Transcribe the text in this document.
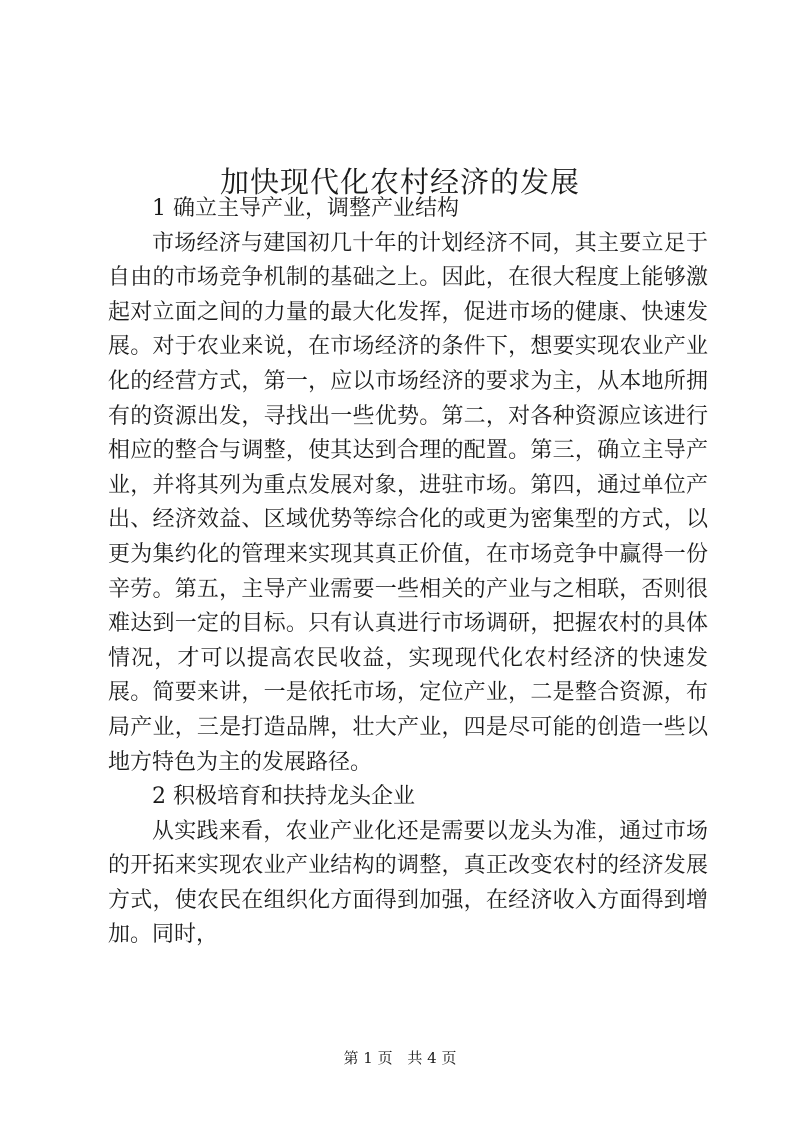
加快现代化农村经济的发展

1 确立主导产业，调整产业结构

市场经济与建国初几十年的计划经济不同，其主要立足于自由的市场竞争机制的基础之上。因此，在很大程度上能够激起对立面之间的力量的最大化发挥，促进市场的健康、快速发展。对于农业来说，在市场经济的条件下，想要实现农业产业化的经营方式，第一，应以市场经济的要求为主，从本地所拥有的资源出发，寻找出一些优势。第二，对各种资源应该进行相应的整合与调整，使其达到合理的配置。第三，确立主导产业，并将其列为重点发展对象，进驻市场。第四，通过单位产出、经济效益、区域优势等综合化的或更为密集型的方式，以更为集约化的管理来实现其真正价值，在市场竞争中赢得一份辛劳。第五，主导产业需要一些相关的产业与之相联，否则很难达到一定的目标。只有认真进行市场调研，把握农村的具体情况，才可以提高农民收益，实现现代化农村经济的快速发展。简要来讲，一是依托市场，定位产业，二是整合资源，布局产业，三是打造品牌，壮大产业，四是尽可能的创造一些以地方特色为主的发展路径。

2 积极培育和扶持龙头企业

从实践来看，农业产业化还是需要以龙头为准，通过市场的开拓来实现农业产业结构的调整，真正改变农村的经济发展方式，使农民在组织化方面得到加强，在经济收入方面得到增加。同时，

第 1 页 共 4 页
